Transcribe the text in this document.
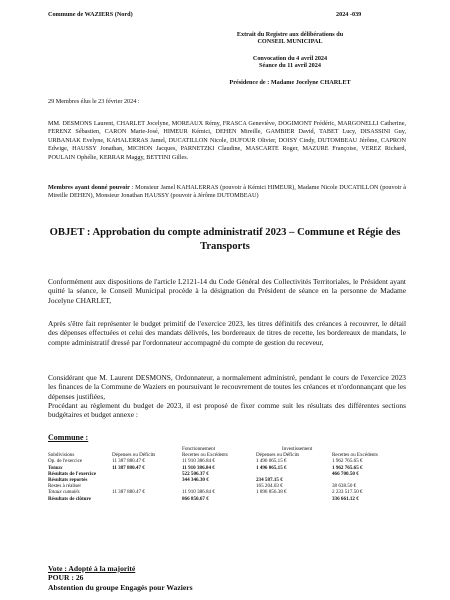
Commune de WAZIERS (Nord)	2024 -039
Extrait du Registre aux délibérations du
CONSEIL MUNICIPAL
Convocation du 4 avril 2024
Séance du 11 avril 2024
Présidence de : Madame Jocelyne CHARLET
29 Membres élus le 23 février 2024 :
MM. DESMONS Laurent, CHARLET Jocelyne, MOREAUX Rémy, FRASCA Geneviève, DOGIMONT Frédéric, MARGONELLI Catherine, FERENZ Sébastien, CARON Marie-José, HIMEUR Kémici, DEHEN Mireille, GAMBIER David, TABET Lucy, DISASSINI Guy, URBANIAK Evelyne, KAHALERRAS Jamel, DUCATILLON Nicole, DUFOUR Olivier, DOISY Cindy, DUTOMBEAU Jérôme, CAPRON Edwige, HAUSSY Jonathan, MICHON Jacques, PARNETZKI Claudine, MASCARTE Roger, MAZURE Françoise, VEREZ Richard, POULAIN Ophélie, KERRAR Maggy, BETTINI Gilles.
Membres ayant donné pouvoir : Monsieur Jamel KAHALERRAS (pouvoir à Kémici HIMEUR), Madame Nicole DUCATILLON (pouvoir à Mireille DEHEN), Monsieur Jonathan HAUSSY (pouvoir à Jérôme DUTOMBEAU)
OBJET : Approbation du compte administratif 2023 – Commune et Régie des Transports
Conformément aux dispositions de l'article L2121-14 du Code Général des Collectivités Territoriales, le Président ayant quitté la séance, le Conseil Municipal procède à la désignation du Président de séance en la personne de Madame Jocelyne CHARLET,
Après s'être fait représenter le budget primitif de l'exercice 2023, les titres définitifs des créances à recouvrer, le détail des dépenses effectuées et celui des mandats délivrés, les bordereaux de titres de recette, les bordereaux de mandats, le compte administratif dressé par l'ordonnateur accompagné du compte de gestion du receveur,
Considérant que M. Laurent DESMONS, Ordonnateur, a normalement administré, pendant le cours de l'exercice 2023 les finances de la Commune de Waziers en poursuivant le recouvrement de toutes les créances et n'ordonnançant que les dépenses justifiées,
Procédant au règlement du budget de 2023, il est proposé de fixer comme suit les résultats des différentes sections budgétaires et budget annexe :
Commune :
		Fonctionnement	Investissement	
Subdivisions	Dépenses ou Déficits	Recettes ou Excédents	Dépenses ou Déficits	Recettes ou Excédents
Op. de l'exercice	11 387 880.47 €	11 910 386.84 €	1 496 065.15 €	1 962 765.65 €
Totaux	11 387 880.47 €	11 910 386.84 €	1 496 065.15 €	1 962 765.65 €
Résultats de l'exercice		522 506.37 €		466 700.50 €
Résultats reportés		344 346.30 €	234 587.15 €	
Restes à réaliser			165 204.03 €	38 638.50 €
Totaux cumulés	11 387 880.47 €	11 910 386.84 €	1 896 856.38 €	2 233 517.50 €
Résultats de clôture		866 850.67 €		336 661.12 €
Vote : Adopté à la majorité
POUR : 26
Abstention du groupe Engagés pour Waziers
